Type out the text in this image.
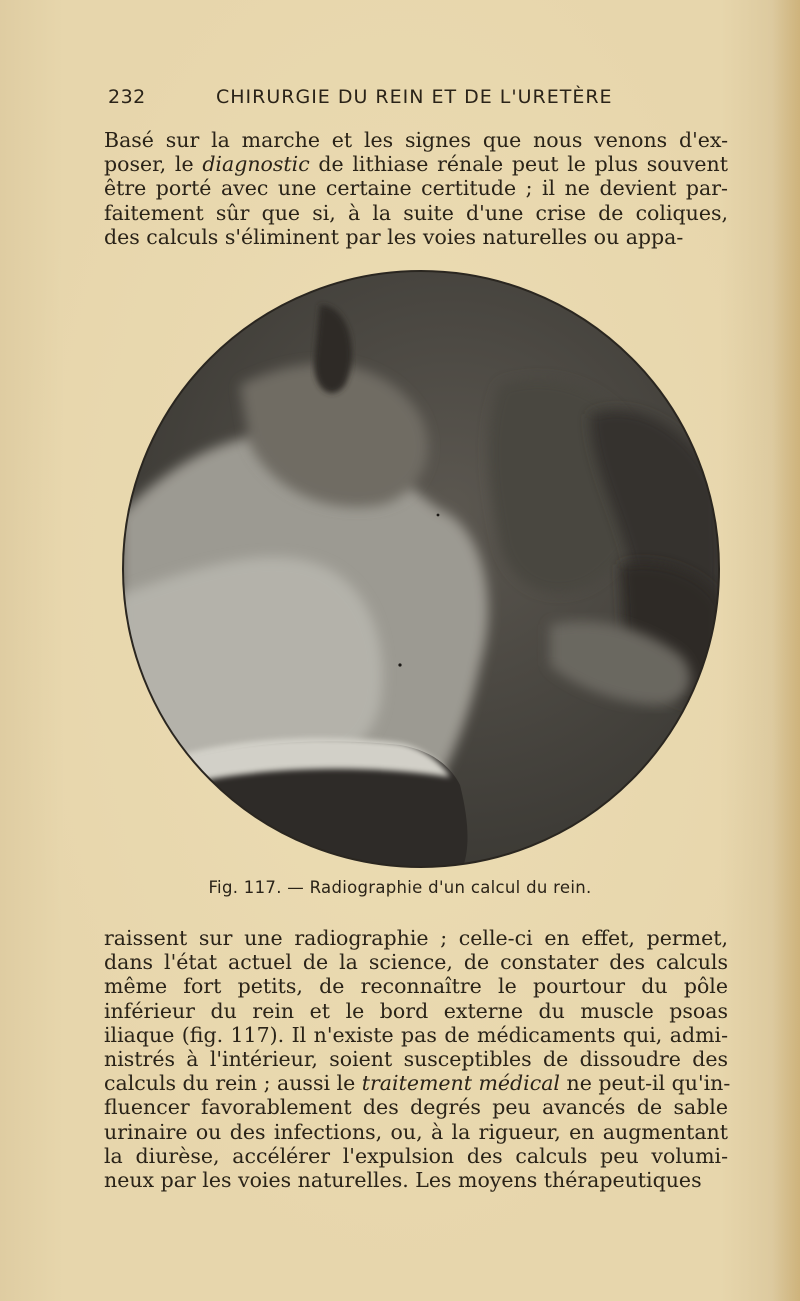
232	CHIRURGIE DU REIN ET DE L'URETÈRE
Basé sur la marche et les signes que nous venons d'ex-
poser, le diagnostic de lithiase rénale peut le plus souvent
être porté avec une certaine certitude ; il ne devient par-
faitement sûr que si, à la suite d'une crise de coliques,
des calculs s'éliminent par les voies naturelles ou appa-
Fig. 117. — Radiographie d'un calcul du rein.
raissent sur une radiographie ; celle-ci en effet, permet,
dans l'état actuel de la science, de constater des calculs
même fort petits, de reconnaître le pourtour du pôle
inférieur du rein et le bord externe du muscle psoas
iliaque (fig. 117). Il n'existe pas de médicaments qui, admi-
nistrés à l'intérieur, soient susceptibles de dissoudre des
calculs du rein ; aussi le traitement médical ne peut-il qu'in-
fluencer favorablement des degrés peu avancés de sable
urinaire ou des infections, ou, à la rigueur, en augmentant
la diurèse, accélérer l'expulsion des calculs peu volumi-
neux par les voies naturelles. Les moyens thérapeutiques
